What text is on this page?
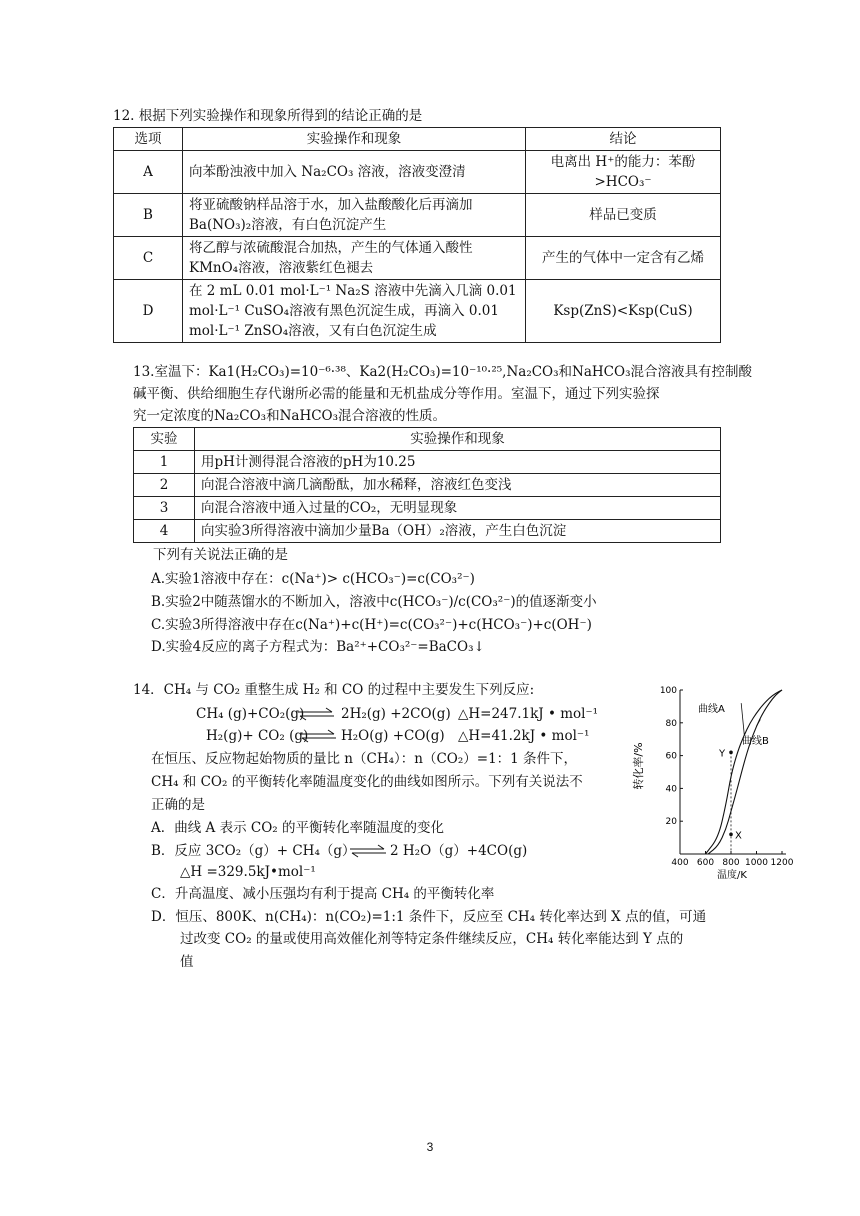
12. 根据下列实验操作和现象所得到的结论正确的是
选项	实验操作和现象	结论
A	向苯酚浊液中加入 Na₂CO₃ 溶液，溶液变澄清	电离出 H⁺的能力：苯酚>HCO₃⁻
B	将亚硫酸钠样品溶于水，加入盐酸酸化后再滴加
Ba(NO₃)₂溶液，有白色沉淀产生	样品已变质
C	将乙醇与浓硫酸混合加热，产生的气体通入酸性
KMnO₄溶液，溶液紫红色褪去	产生的气体中一定含有乙烯
D	在 2 mL 0.01 mol·L⁻¹ Na₂S 溶液中先滴入几滴 0.01
mol·L⁻¹ CuSO₄溶液有黑色沉淀生成，再滴入 0.01
mol·L⁻¹ ZnSO₄溶液，又有白色沉淀生成	Ksp(ZnS)<Ksp(CuS)
13.室温下：Ka1(H₂CO₃)=10⁻⁶·³⁸、Ka2(H₂CO₃)=10⁻¹⁰·²⁵,Na₂CO₃和NaHCO₃混合溶液具有控制酸
碱平衡、供给细胞生存代谢所必需的能量和无机盐成分等作用。室温下，通过下列实验探
究一定浓度的Na₂CO₃和NaHCO₃混合溶液的性质。
实验	实验操作和现象
1	用pH计测得混合溶液的pH为10.25
2	向混合溶液中滴几滴酚酞，加水稀释，溶液红色变浅
3	向混合溶液中通入过量的CO₂，无明显现象
4	向实验3所得溶液中滴加少量Ba（OH）₂溶液，产生白色沉淀
下列有关说法正确的是
A.实验1溶液中存在：c(Na⁺)> c(HCO₃⁻)=c(CO₃²⁻)
B.实验2中随蒸馏水的不断加入，溶液中c(HCO₃⁻)/c(CO₃²⁻)的值逐渐变小
C.实验3所得溶液中存在c(Na⁺)+c(H⁺)=c(CO₃²⁻)+c(HCO₃⁻)+c(OH⁻)
D.实验4反应的离子方程式为：Ba²⁺+CO₃²⁻=BaCO₃↓
14．CH₄ 与 CO₂ 重整生成 H₂ 和 CO 的过程中主要发生下列反应:
CH₄ (g)+CO₂(g) ⇌ 2H₂(g) +2CO(g) △H=247.1kJ • mol⁻¹
H₂(g)+ CO₂ (g) ⇌ H₂O(g) +CO(g) △H=41.2kJ • mol⁻¹
在恒压、反应物起始物质的量比 n（CH₄）：n（CO₂）=1：1 条件下，
CH₄ 和 CO₂ 的平衡转化率随温度变化的曲线如图所示。下列有关说法不
正确的是
A．曲线 A 表示 CO₂ 的平衡转化率随温度的变化
B．反应 3CO₂（g）+ CH₄（g） ⇌ 2 H₂O（g）+4CO(g)
△H =329.5kJ•mol⁻¹
C．升高温度、减小压强均有利于提高 CH₄ 的平衡转化率
D．恒压、800K、n(CH₄)：n(CO₂)=1:1 条件下，反应至 CH₄ 转化率达到 X 点的值，可通
过改变 CO₂ 的量或使用高效催化剂等特定条件继续反应，CH₄ 转化率能达到 Y 点的
值
20
40
60
80
100
400 600 800 1000 1200
Y
X
转化率/%
温度/K
曲线A
曲线B
3
